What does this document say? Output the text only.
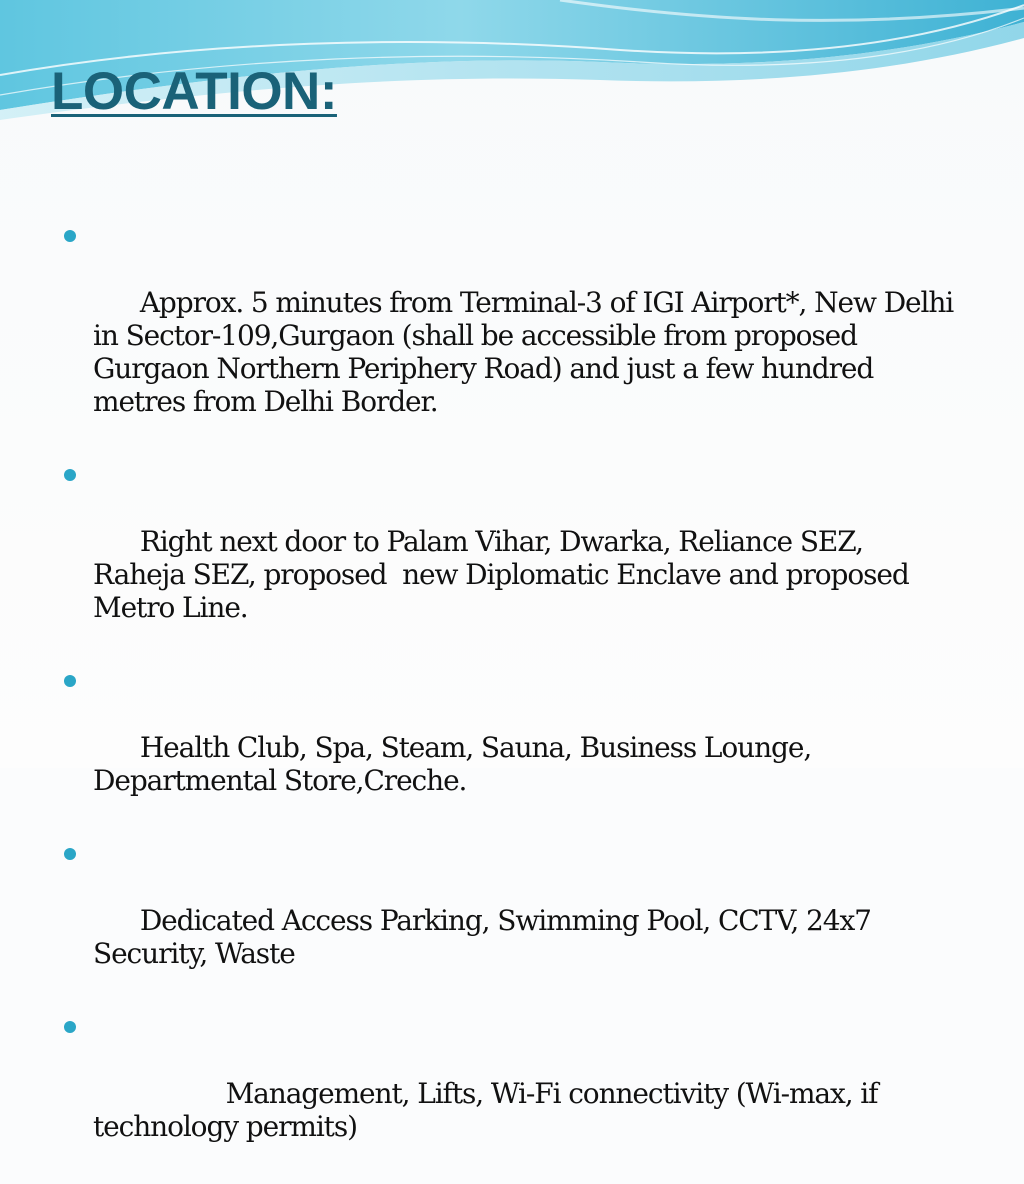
LOCATION:

Approx. 5 minutes from Terminal-3 of IGI Airport*, New Delhi in Sector-109,Gurgaon (shall be accessible from proposed Gurgaon Northern Periphery Road) and just a few hundred metres from Delhi Border.

Right next door to Palam Vihar, Dwarka, Reliance SEZ, Raheja SEZ, proposed  new Diplomatic Enclave and proposed Metro Line.

Health Club, Spa, Steam, Sauna, Business Lounge, Departmental Store,Creche.

Dedicated Access Parking, Swimming Pool, CCTV, 24x7 Security, Waste

Management, Lifts, Wi-Fi connectivity (Wi-max, if technology permits)
